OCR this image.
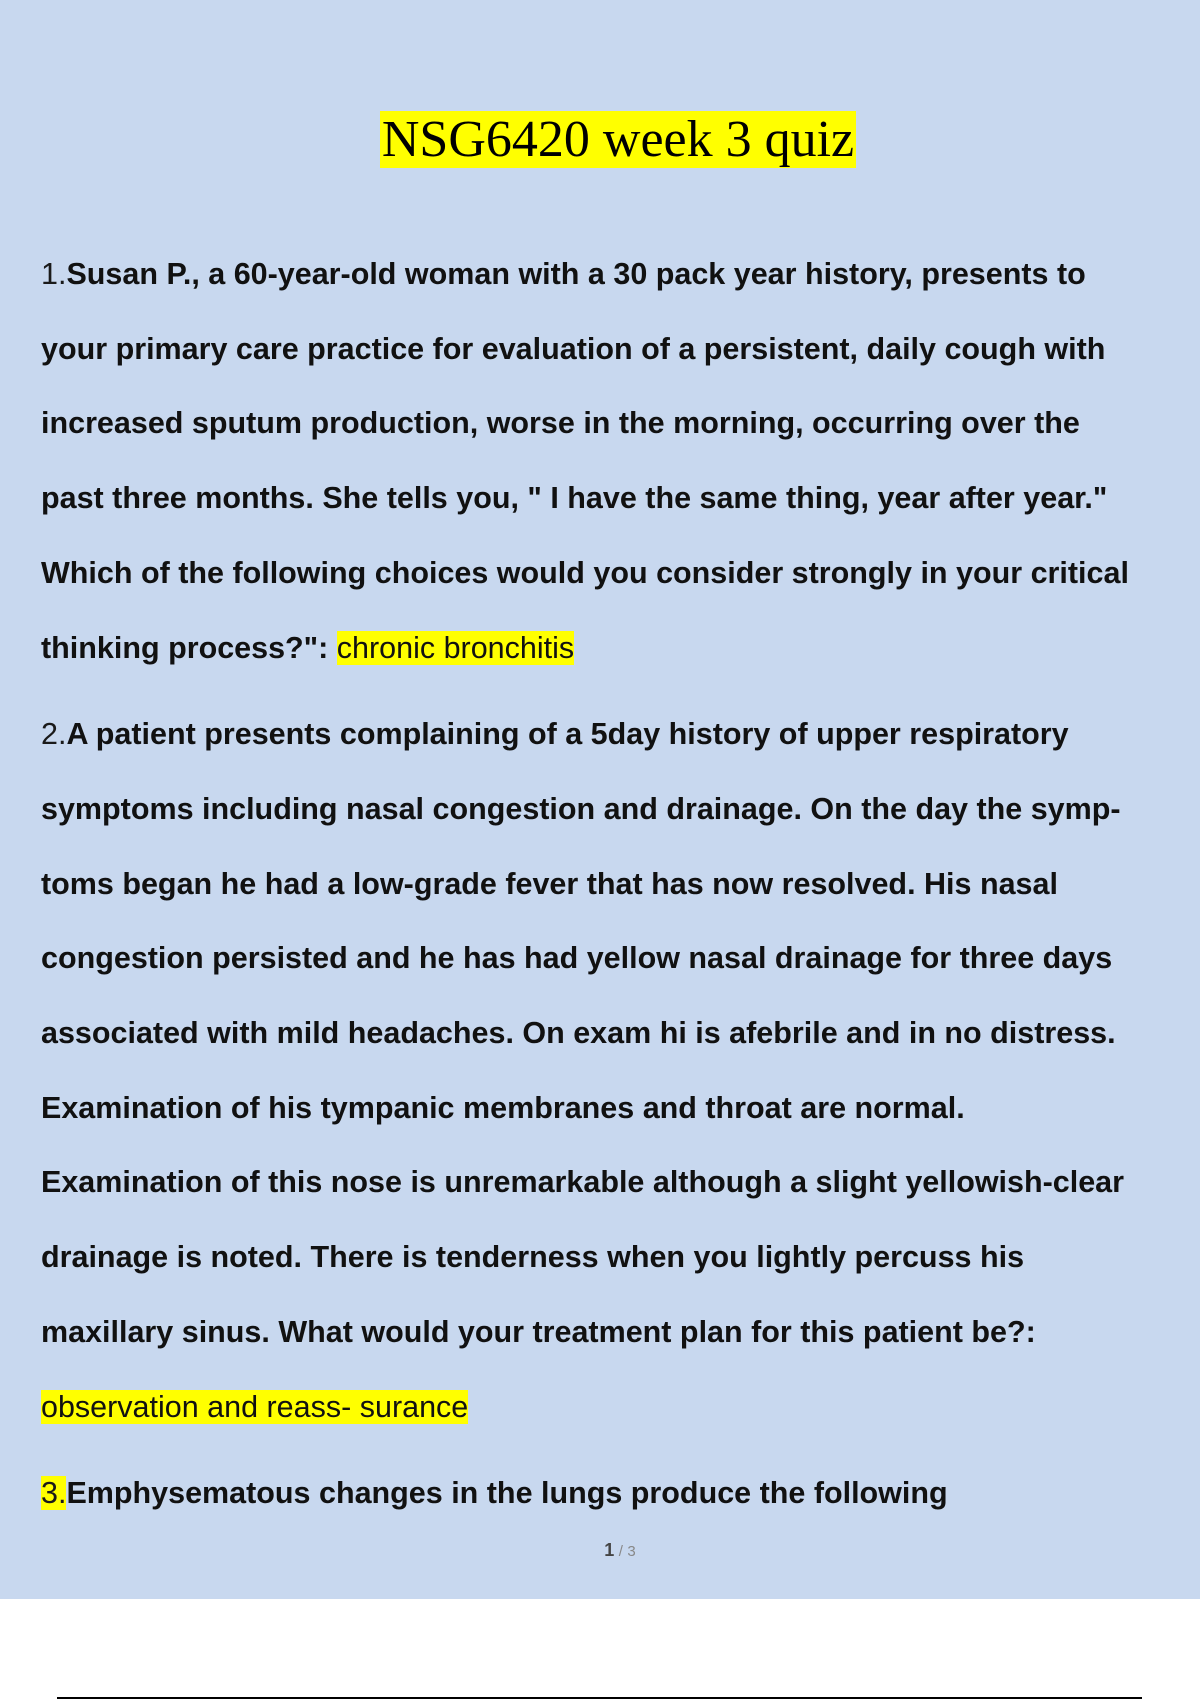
NSG6420 week 3 quiz

1.Susan P., a 60-year-old woman with a 30 pack year history, presents to
your primary care practice for evaluation of a persistent, daily cough with
increased sputum production, worse in the morning, occurring over the
past three months. She tells you, " I have the same thing, year after year."
Which of the following choices would you consider strongly in your critical
thinking process?": chronic bronchitis

2.A patient presents complaining of a 5day history of upper respiratory
symptoms including nasal congestion and drainage. On the day the symp-
toms began he had a low-grade fever that has now resolved. His nasal
congestion persisted and he has had yellow nasal drainage for three days
associated with mild headaches. On exam hi is afebrile and in no distress.
Examination of his tympanic membranes and throat are normal.
Examination of this nose is unremarkable although a slight yellowish-clear
drainage is noted. There is tenderness when you lightly percuss his
maxillary sinus. What would your treatment plan for this patient be?:
observation and reass- surance

3.Emphysematous changes in the lungs produce the following

1 / 3
